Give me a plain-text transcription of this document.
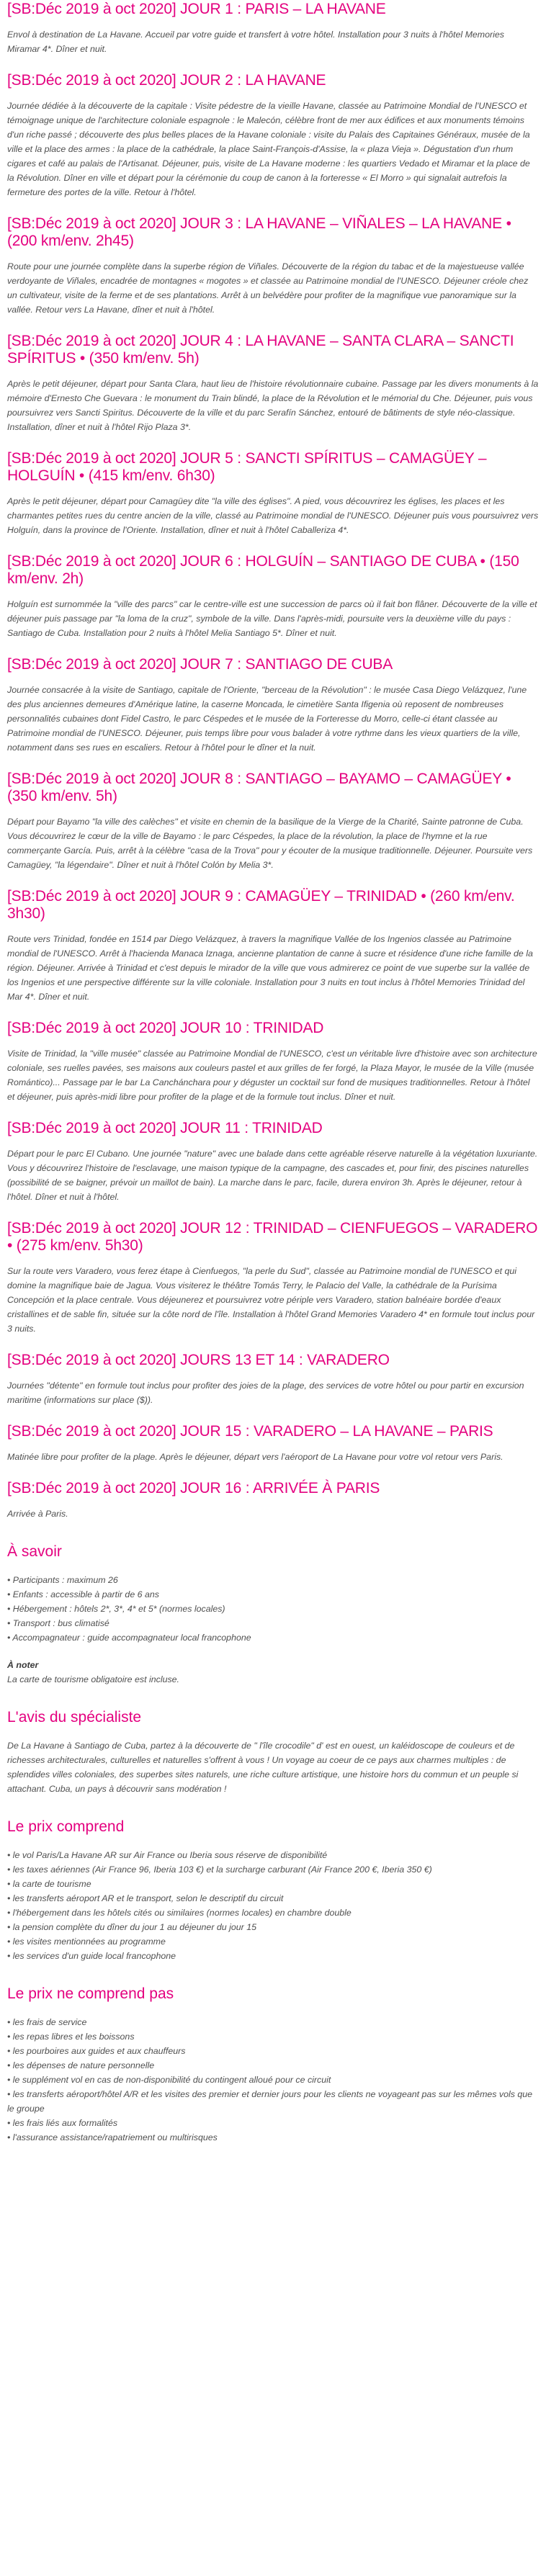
[SB:Déc 2019 à oct 2020] JOUR 1 : PARIS – LA HAVANE

Envol à destination de La Havane. Accueil par votre guide et transfert à votre hôtel. Installation pour 3 nuits à l'hôtel Memories Miramar 4*. Dîner et nuit.

[SB:Déc 2019 à oct 2020] JOUR 2 : LA HAVANE

Journée dédiée à la découverte de la capitale : Visite pédestre de la vieille Havane, classée au Patrimoine Mondial de l'UNESCO et témoignage unique de l'architecture coloniale espagnole : le Malecón, célèbre front de mer aux édifices et aux monuments témoins d'un riche passé ; découverte des plus belles places de la Havane coloniale : visite du Palais des Capitaines Généraux, musée de la ville et la place des armes : la place de la cathédrale, la place Saint-François-d'Assise, la « plaza Vieja ». Dégustation d'un rhum cigares et café au palais de l'Artisanat. Déjeuner, puis, visite de La Havane moderne : les quartiers Vedado et Miramar et la place de la Révolution. Dîner en ville et départ pour la cérémonie du coup de canon à la forteresse « El Morro » qui signalait autrefois la fermeture des portes de la ville. Retour à l'hôtel.

[SB:Déc 2019 à oct 2020] JOUR 3 : LA HAVANE – VIÑALES – LA HAVANE • (200 km/env. 2h45)

Route pour une journée complète dans la superbe région de Viñales. Découverte de la région du tabac et de la majestueuse vallée verdoyante de Viñales, encadrée de montagnes « mogotes » et classée au Patrimoine mondial de l'UNESCO. Déjeuner créole chez un cultivateur, visite de la ferme et de ses plantations. Arrêt à un belvédère pour profiter de la magnifique vue panoramique sur la vallée. Retour vers La Havane, dîner et nuit à l'hôtel.

[SB:Déc 2019 à oct 2020] JOUR 4 : LA HAVANE – SANTA CLARA – SANCTI SPÍRITUS • (350 km/env. 5h)

Après le petit déjeuner, départ pour Santa Clara, haut lieu de l'histoire révolutionnaire cubaine. Passage par les divers monuments à la mémoire d'Ernesto Che Guevara : le monument du Train blindé, la place de la Révolution et le mémorial du Che. Déjeuner, puis vous poursuivrez vers Sancti Spiritus. Découverte de la ville et du parc Serafín Sánchez, entouré de bâtiments de style néo-classique. Installation, dîner et nuit à l'hôtel Rijo Plaza 3*.

[SB:Déc 2019 à oct 2020] JOUR 5 : SANCTI SPÍRITUS – CAMAGÜEY – HOLGUÍN • (415 km/env. 6h30)

Après le petit déjeuner, départ pour Camagüey dite "la ville des églises". A pied, vous découvrirez les églises, les places et les charmantes petites rues du centre ancien de la ville, classé au Patrimoine mondial de l'UNESCO. Déjeuner puis vous poursuivrez vers Holguín, dans la province de l'Oriente. Installation, dîner et nuit à l'hôtel Caballeriza 4*.

[SB:Déc 2019 à oct 2020] JOUR 6 : HOLGUÍN – SANTIAGO DE CUBA • (150 km/env. 2h)

Holguín est surnommée la "ville des parcs" car le centre-ville est une succession de parcs où il fait bon flâner. Découverte de la ville et déjeuner puis passage par "la loma de la cruz", symbole de la ville. Dans l'après-midi, poursuite vers la deuxième ville du pays : Santiago de Cuba. Installation pour 2 nuits à l'hôtel Melia Santiago 5*. Dîner et nuit.

[SB:Déc 2019 à oct 2020] JOUR 7 : SANTIAGO DE CUBA

Journée consacrée à la visite de Santiago, capitale de l'Oriente, "berceau de la Révolution" : le musée Casa Diego Velázquez, l'une des plus anciennes demeures d'Amérique latine, la caserne Moncada, le cimetière Santa Ifigenia où reposent de nombreuses personnalités cubaines dont Fidel Castro, le parc Céspedes et le musée de la Forteresse du Morro, celle-ci étant classée au Patrimoine mondial de l'UNESCO. Déjeuner, puis temps libre pour vous balader à votre rythme dans les vieux quartiers de la ville, notamment dans ses rues en escaliers. Retour à l'hôtel pour le dîner et la nuit.

[SB:Déc 2019 à oct 2020] JOUR 8 : SANTIAGO – BAYAMO – CAMAGÜEY • (350 km/env. 5h)

Départ pour Bayamo "la ville des calèches" et visite en chemin de la basilique de la Vierge de la Charité, Sainte patronne de Cuba. Vous découvrirez le cœur de la ville de Bayamo : le parc Céspedes, la place de la révolution, la place de l'hymne et la rue commerçante García. Puis, arrêt à la célèbre "casa de la Trova" pour y écouter de la musique traditionnelle. Déjeuner. Poursuite vers Camagüey, "la légendaire". Dîner et nuit à l'hôtel Colón by Melia 3*.

[SB:Déc 2019 à oct 2020] JOUR 9 : CAMAGÜEY – TRINIDAD • (260 km/env. 3h30)

Route vers Trinidad, fondée en 1514 par Diego Velázquez, à travers la magnifique Vallée de los Ingenios classée au Patrimoine mondial de l'UNESCO. Arrêt à l'hacienda Manaca Iznaga, ancienne plantation de canne à sucre et résidence d'une riche famille de la région. Déjeuner. Arrivée à Trinidad et c'est depuis le mirador de la ville que vous admirerez ce point de vue superbe sur la vallée de los Ingenios et une perspective différente sur la ville coloniale. Installation pour 3 nuits en tout inclus à l'hôtel Memories Trinidad del Mar 4*. Dîner et nuit.

[SB:Déc 2019 à oct 2020] JOUR 10 : TRINIDAD

Visite de Trinidad, la "ville musée" classée au Patrimoine Mondial de l'UNESCO, c'est un véritable livre d'histoire avec son architecture coloniale, ses ruelles pavées, ses maisons aux couleurs pastel et aux grilles de fer forgé, la Plaza Mayor, le musée de la Ville (musée Romántico)... Passage par le bar La Canchánchara pour y déguster un cocktail sur fond de musiques traditionnelles. Retour à l'hôtel et déjeuner, puis après-midi libre pour profiter de la plage et de la formule tout inclus. Dîner et nuit.

[SB:Déc 2019 à oct 2020] JOUR 11 : TRINIDAD

Départ pour le parc El Cubano. Une journée "nature" avec une balade dans cette agréable réserve naturelle à la végétation luxuriante. Vous y découvrirez l'histoire de l'esclavage, une maison typique de la campagne, des cascades et, pour finir, des piscines naturelles (possibilité de se baigner, prévoir un maillot de bain). La marche dans le parc, facile, durera environ 3h. Après le déjeuner, retour à l'hôtel. Dîner et nuit à l'hôtel.

[SB:Déc 2019 à oct 2020] JOUR 12 : TRINIDAD – CIENFUEGOS – VARADERO • (275 km/env. 5h30)

Sur la route vers Varadero, vous ferez étape à Cienfuegos, "la perle du Sud", classée au Patrimoine mondial de l'UNESCO et qui domine la magnifique baie de Jagua. Vous visiterez le théâtre Tomás Terry, le Palacio del Valle, la cathédrale de la Purísima Concepción et la place centrale. Vous déjeunerez et poursuivrez votre périple vers Varadero, station balnéaire bordée d'eaux cristallines et de sable fin, située sur la côte nord de l'île. Installation à l'hôtel Grand Memories Varadero 4* en formule tout inclus pour 3 nuits.

[SB:Déc 2019 à oct 2020] JOURS 13 ET 14 : VARADERO

Journées "détente" en formule tout inclus pour profiter des joies de la plage, des services de votre hôtel ou pour partir en excursion maritime (informations sur place ($)).

[SB:Déc 2019 à oct 2020] JOUR 15 : VARADERO – LA HAVANE – PARIS

Matinée libre pour profiter de la plage. Après le déjeuner, départ vers l'aéroport de La Havane pour votre vol retour vers Paris.

[SB:Déc 2019 à oct 2020] JOUR 16 : ARRIVÉE À PARIS

Arrivée à Paris.

À savoir
• Participants : maximum 26
• Enfants : accessible à partir de 6 ans
• Hébergement : hôtels 2*, 3*, 4* et 5* (normes locales)
• Transport : bus climatisé
• Accompagnateur : guide accompagnateur local francophone
À noter

La carte de tourisme obligatoire est incluse.

L'avis du spécialiste

De La Havane à Santiago de Cuba, partez à la découverte de " l'île crocodile" d' est en ouest, un kaléidoscope de couleurs et de richesses architecturales, culturelles et naturelles s'offrent à vous ! Un voyage au coeur de ce pays aux charmes multiples : de splendides villes coloniales, des superbes sites naturels, une riche culture artistique, une histoire hors du commun et un peuple si attachant. Cuba, un pays à découvrir sans modération !

Le prix comprend
• le vol Paris/La Havane AR sur Air France ou Iberia sous réserve de disponibilité
• les taxes aériennes (Air France 96, Iberia 103 €) et la surcharge carburant (Air France 200 €, Iberia 350 €)
• la carte de tourisme
• les transferts aéroport AR et le transport, selon le descriptif du circuit
• l'hébergement dans les hôtels cités ou similaires (normes locales) en chambre double
• la pension complète du dîner du jour 1 au déjeuner du jour 15
• les visites mentionnées au programme
• les services d'un guide local francophone
Le prix ne comprend pas
• les frais de service
• les repas libres et les boissons
• les pourboires aux guides et aux chauffeurs
• les dépenses de nature personnelle
• le supplément vol en cas de non-disponibilité du contingent alloué pour ce circuit
• les transferts aéroport/hôtel A/R et les visites des premier et dernier jours pour les clients ne voyageant pas sur les mêmes vols que le groupe
• les frais liés aux formalités
• l'assurance assistance/rapatriement ou multirisques
